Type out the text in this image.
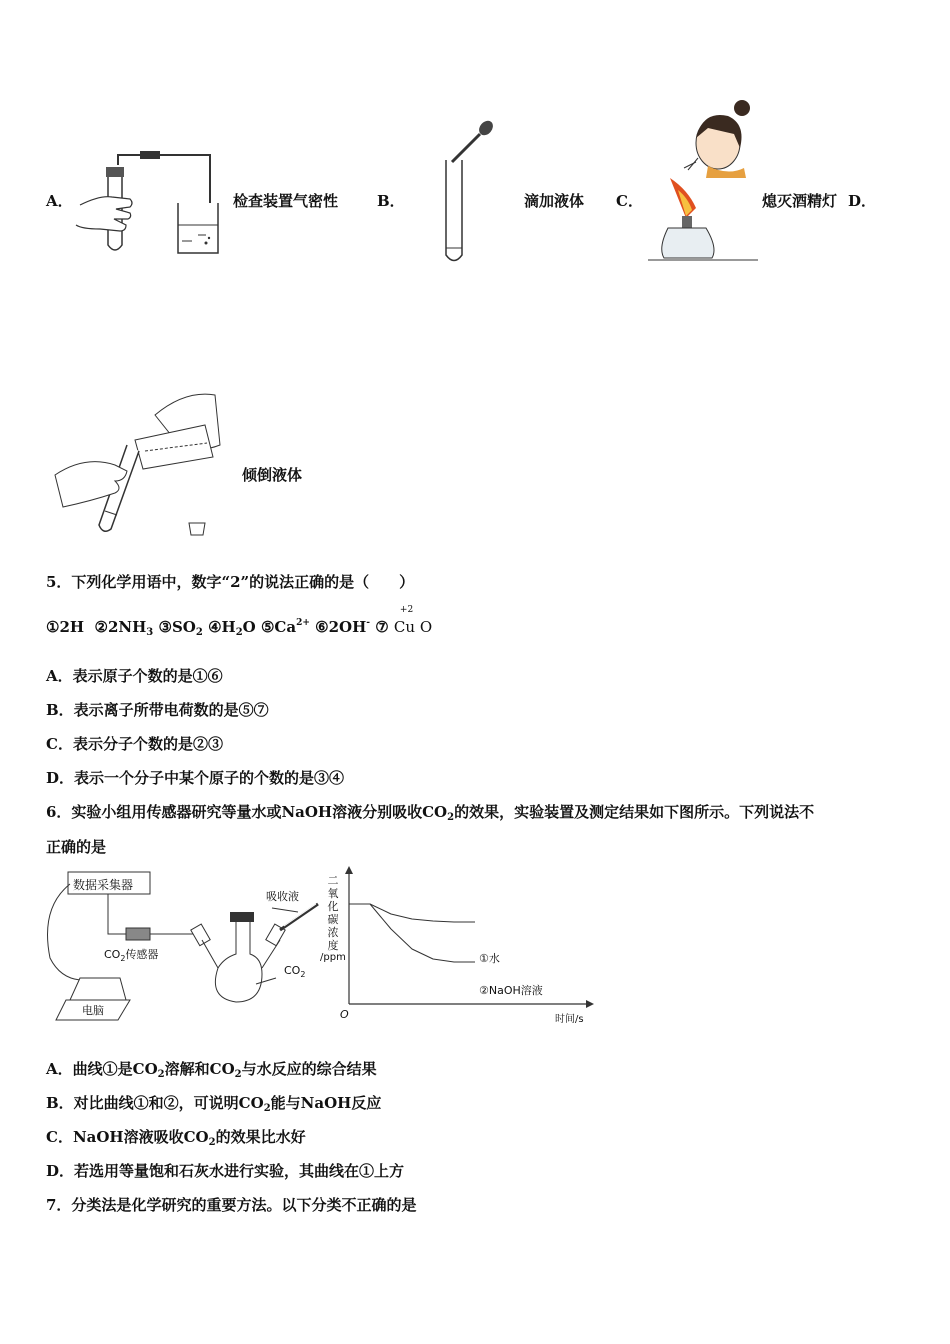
A．	检查装置气密性	B．	滴加液体 C．	熄灭酒精灯 D．
倾倒液体
5．下列化学用语中，数字“2”的说法正确的是（　　）
①2H $②2NH_3$ $③SO_2$ $④H_2O$ $⑤Ca^{2+}$ ⑥2OH- ⑦
+2
Cu O
A．表示原子个数的是①⑥
B．表示离子所带电荷数的是⑤⑦
C．表示分子个数的是②③
D．表示一个分子中某个原子的个数的是③④
6．实验小组用传感器研究等量水或NaOH溶液分别吸收$CO_2$的效果，实验装置及测定结果如下图所示。下列说法不
正确的是
数据采集器
$CO_2$传感器
吸收液
$CO_2$
电脑
二
氧
化
碳
浓
度
/ppm
O	时间/s
①水
②NaOH溶液
A．曲线①是$CO_2$溶解和$CO_2$与水反应的综合结果
B．对比曲线①和②，可说明$CO_2$能与NaOH反应
C．NaOH溶液吸收$CO_2$的效果比水好
D．若选用等量饱和石灰水进行实验，其曲线在①上方
7．分类法是化学研究的重要方法。以下分类不正确的是
